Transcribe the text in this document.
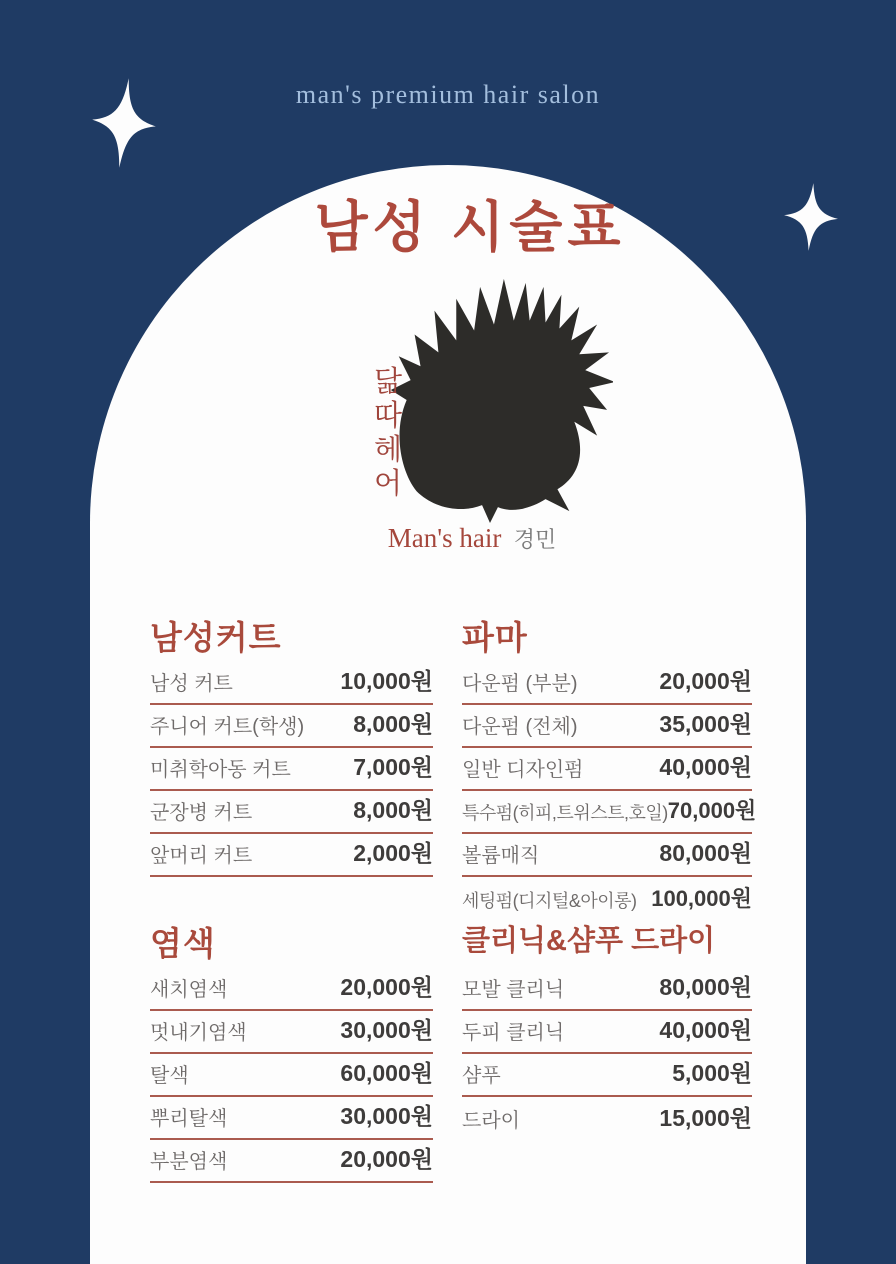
man's premium hair salon
남성 시술표
닮
따
헤
어
Man's hair 경민
남성커트
남성 커트	10,000원
주니어 커트(학생) 8,000원
미취학아동 커트	7,000원
군장병 커트	8,000원
앞머리 커트	2,000원
파마
다운펌 (부분)	20,000원
다운펌 (전체)	35,000원
일반 디자인펌	40,000원
특수펌(히피,트위스트,호일) 70,000원
볼륨매직	80,000원
세팅펌(디지털&아이롱) 100,000원
염색
새치염색	20,000원
멋내기염색	30,000원
탈색	60,000원
뿌리탈색	30,000원
부분염색	20,000원
클리닉&샴푸 드라이
모발 클리닉	80,000원
두피 클리닉	40,000원
샴푸	5,000원
드라이	15,000원
